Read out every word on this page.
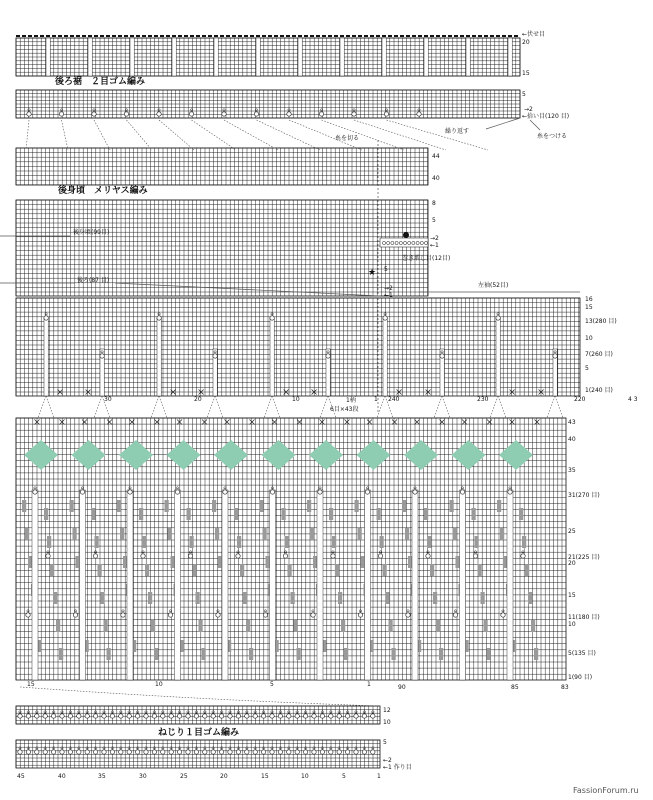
後ろ裾　２目ゴム編み
後身頃　メリヤス編み
ねじり１目ゴム編み
←伏せ目
←拾い目(120 目)
→2
繰り返す
糸を切る	糸をつける
後身頃(99目)
巻き増し目(12目)
後ろ(87 目)
左袖(52目)
1柄
6目×43段
4 3
FassionForum.ru
★
20
15
5
44
40
8
5
5
→2
←1
→2
←1
16
15
13(280 目)
10
7(260 目)
5
1(240 目)
43
40
35
31(270 目)
25
21(225 目)
20
15
11(180 目)
10
5(135 目)
1(90 目)
12
10
5
←2
←1 作り目
30	20	10	1 240	230	220
15	10	5	1	90	85	83
45	40	35	30	25	20	15	10	5	1
